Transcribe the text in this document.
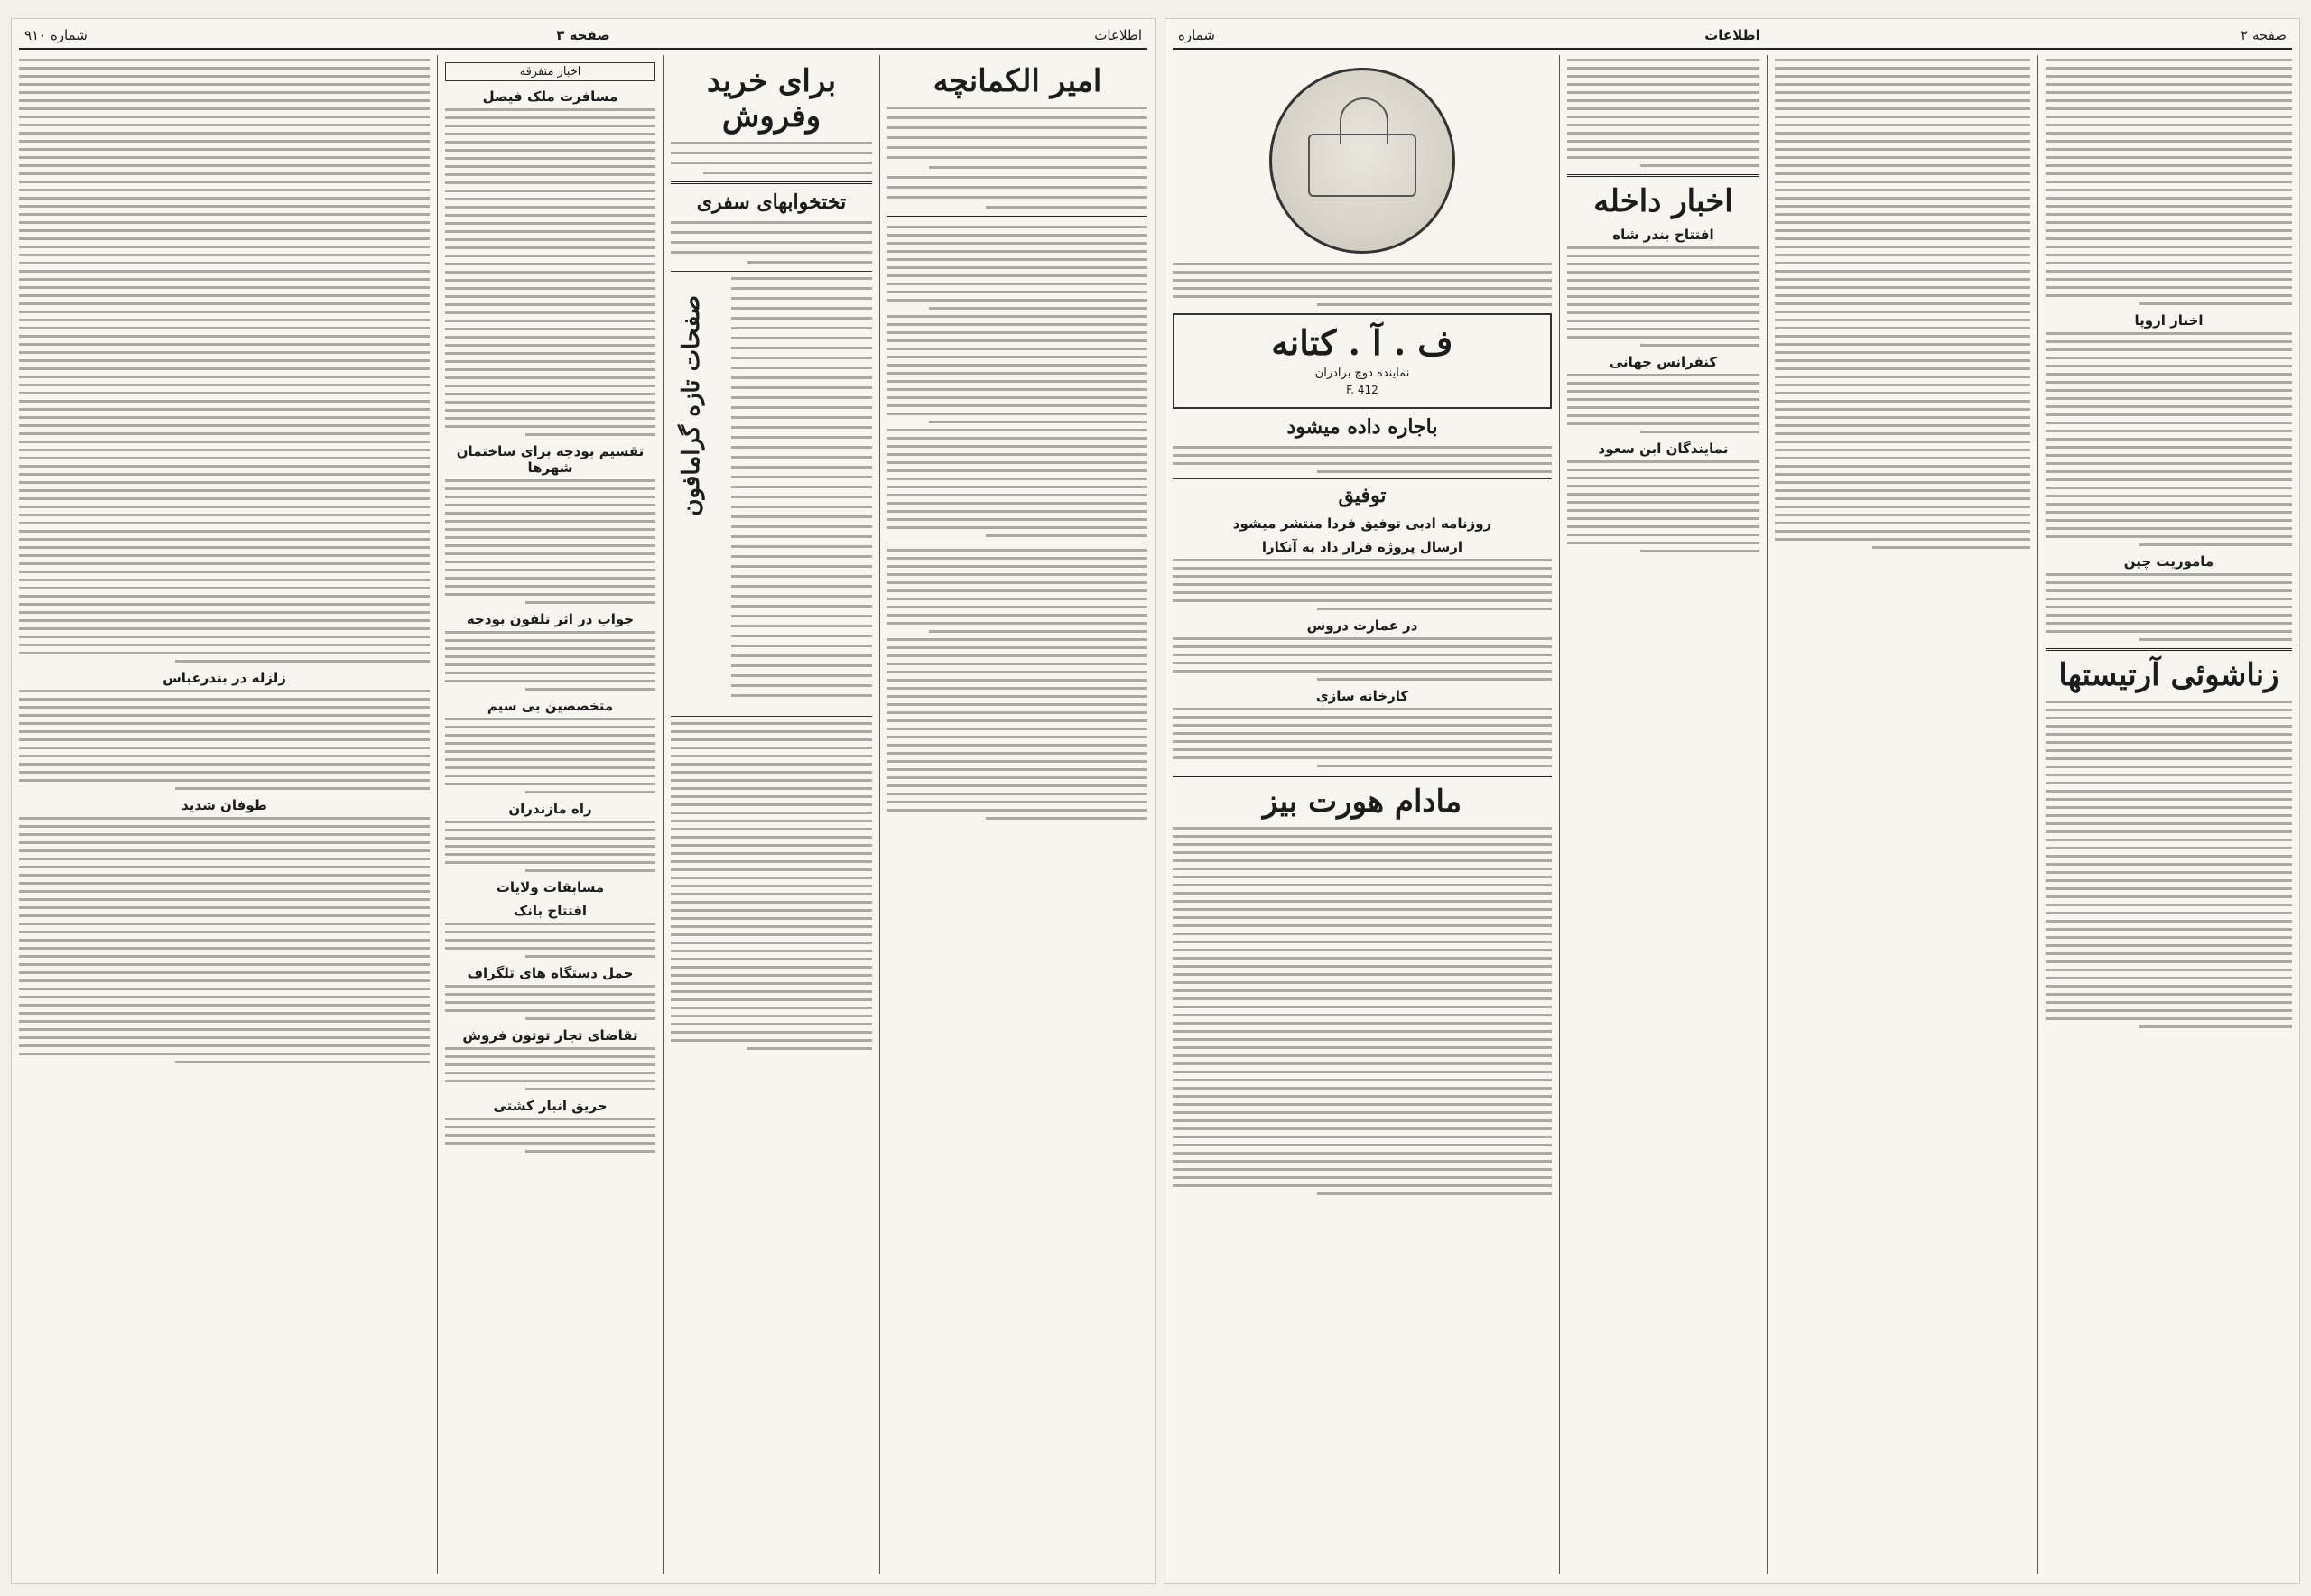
اطلاعات
صفحه ۳
شماره ۹۱۰
امیر الکمانچه
برای خرید وفروش
تختخوابهای سفری
صفحات تازه گرامافون
اخبار متفرقه
مسافرت ملک فیصل
تقسیم بودجه برای ساختمان شهرها
جواب در اثر تلفون بودجه
متخصصین بی سیم
راه مازندران
مسابقات ولایات
افتتاح بانک
حمل دستگاه های تلگراف
تقاضای تجار توتون فروش
حریق انبار کشتی
زلزله در بندرعباس
طوفان شدید
صفحه ۲
اطلاعات
شماره
اخبار اروپا
ماموریت چین
زناشوئی آرتیستها
اخبار داخله
افتتاح بندر شاه
کنفرانس جهانی
نمایندگان ابن سعود
ف . آ . کتانه
نماینده دوچ برادران
F. 412
باجاره داده میشود
توفیق
روزنامه ادبی توفیق فردا منتشر میشود
ارسال پروژه قرار داد به آنکارا
در عمارت دروس
کارخانه سازی
مادام هورت بیز
